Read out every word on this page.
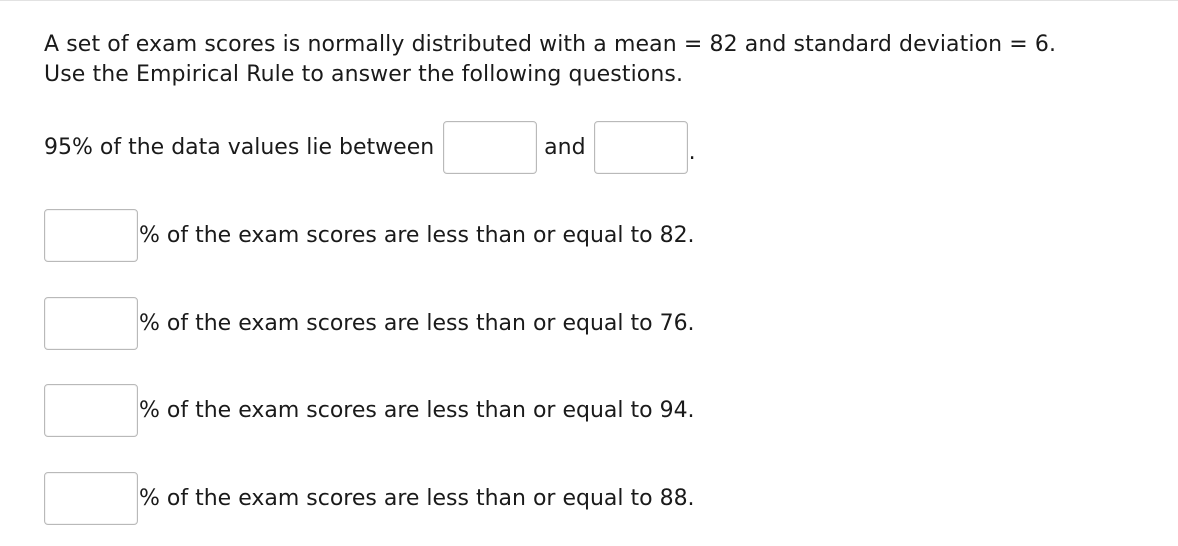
A set of exam scores is normally distributed with a mean = 82 and standard deviation = 6.
Use the Empirical Rule to answer the following questions.
95% of the data values lie between	and	.
% of the exam scores are less than or equal to 82.
% of the exam scores are less than or equal to 76.
% of the exam scores are less than or equal to 94.
% of the exam scores are less than or equal to 88.
